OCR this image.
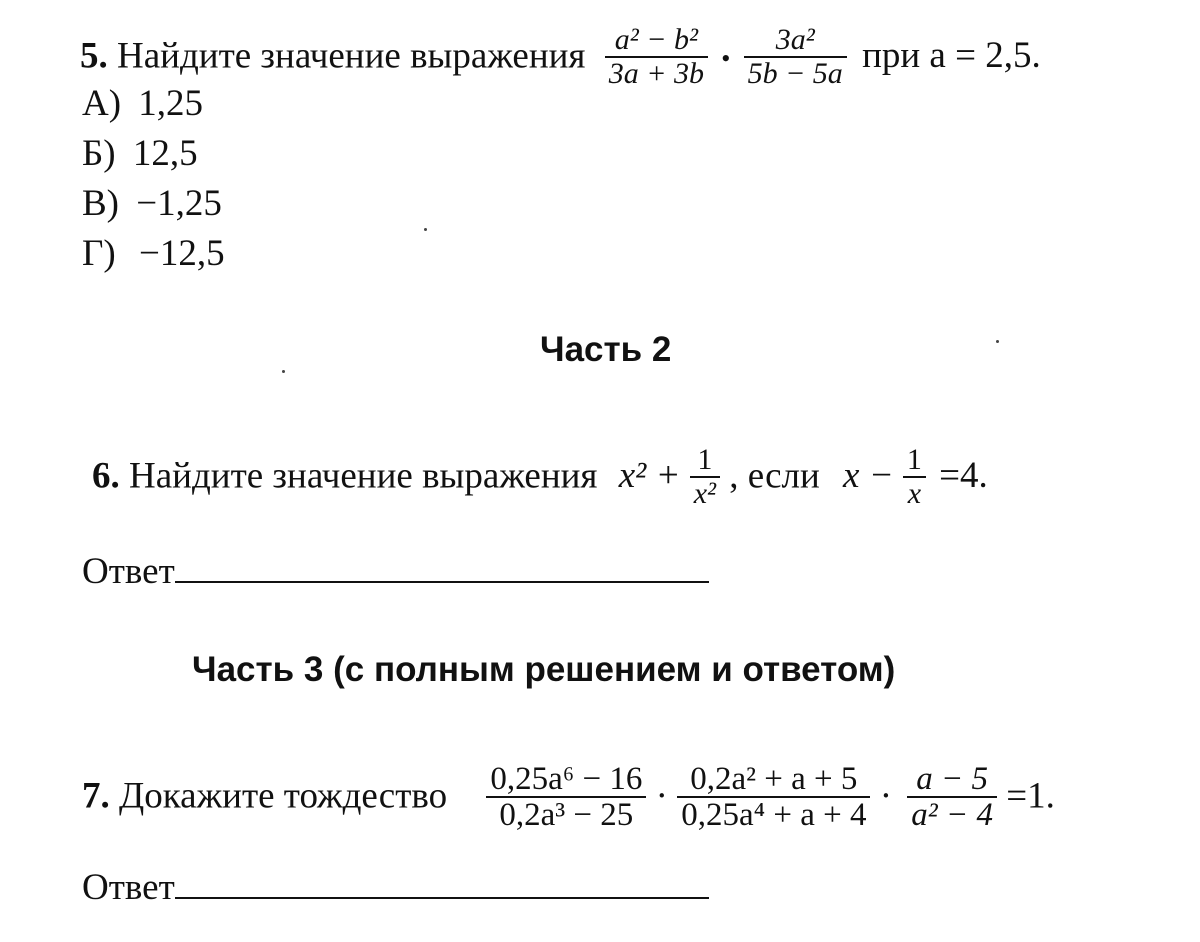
5. Найдите значение выражения $\frac{\text{a² − b²}}{3a + 3b}$ • $\frac{\text{3a²}}{5b - 5a}$ при a = 2,5.
А) 1,25
Б) 12,5
В) −1,25
Г) −12,5
Часть 2
6. Найдите значение выражения $x^2 + \frac{1}{\text{x²}}$ , если $x - \frac{1}{x} =4$.
Ответ
Часть 3 (с полным решением и ответом)
7. Докажите тождество $\frac{\text{0,25a⁶ − 16}}{\text{0,2a³ − 25}} \cdot \frac{\text{0,2a² + a + 5}}{\text{0,25a⁴ + a + 4}} \cdot \frac{a - 5}{\text{a² − 4}} =1$.
Ответ
